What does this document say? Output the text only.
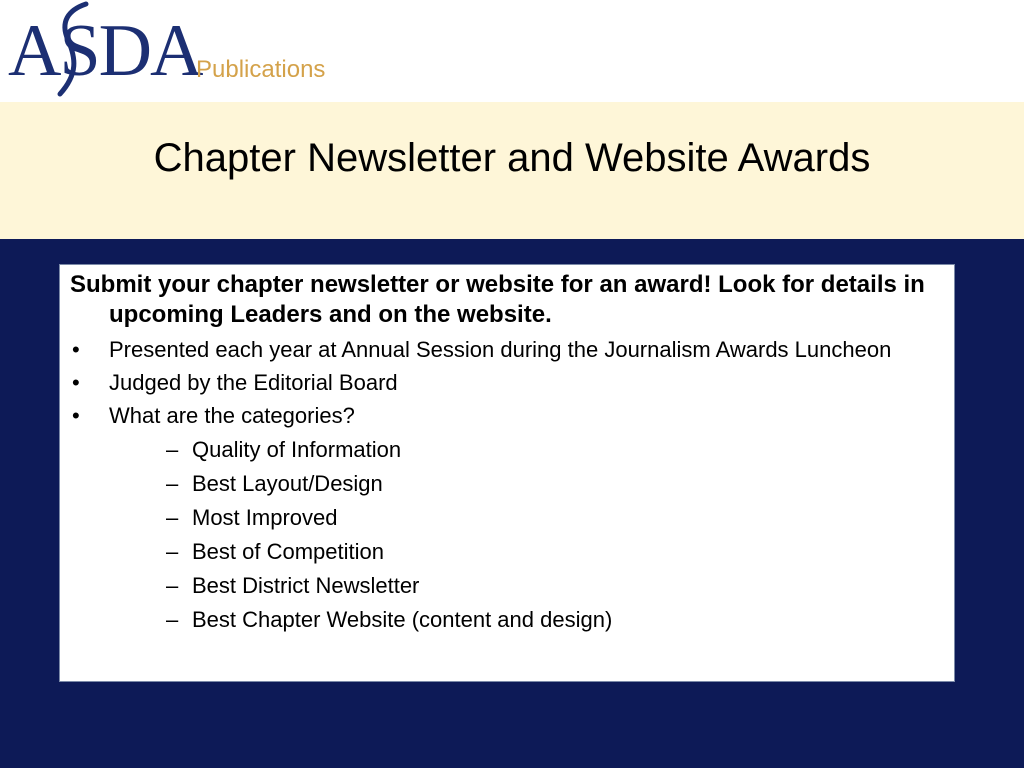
ASDA
Publications
Chapter Newsletter and Website Awards

Submit your chapter newsletter or website for an award! Look for details in upcoming Leaders and on the website.

•	Presented each year at Annual Session during the Journalism Awards Luncheon
•	Judged by the Editorial Board
•	What are the categories?
– Quality of Information
– Best Layout/Design
– Most Improved
– Best of Competition
– Best District Newsletter
– Best Chapter Website (content and design)
